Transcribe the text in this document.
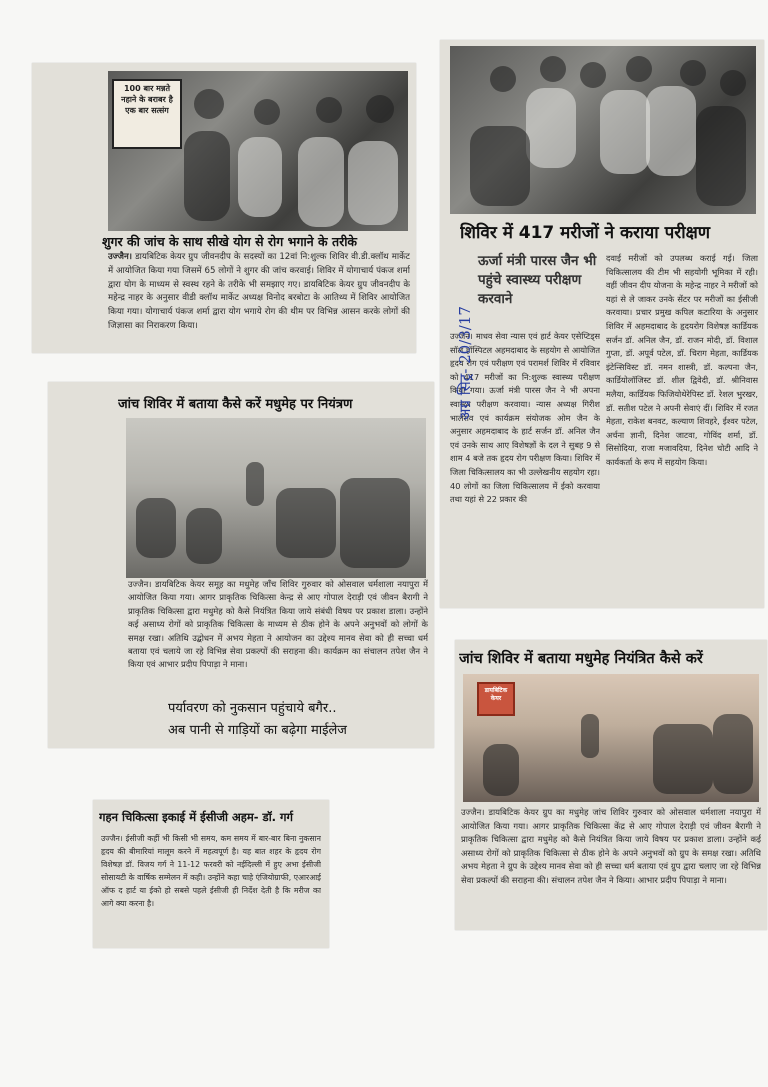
100 बार मन्नते नहाने के बराबर है एक बार सत्संग
शुगर की जांच के साथ सीखे योग से रोग भगाने के तरीके
उज्जैन। डायबिटिक केयर ग्रुप जीवनदीप के सदस्यों का 12वां नि:शुल्क शिविर वी.डी.क्लॉथ मार्केट में आयोजित किया गया जिसमें 65 लोगों ने शुगर की जांच करवाई। शिविर में योगाचार्य पंकज शर्मा द्वारा योग के माध्यम से स्वस्थ रहने के तरीके भी समझाए गए। डायबिटिक केयर ग्रुप जीवनदीप के महेन्द्र नाहर के अनुसार वीडी क्लॉथ मार्केट अध्यक्ष विनोद बरबोटा के आतिथ्य में शिविर आयोजित किया गया। योगाचार्य पंकज शर्मा द्वारा योग भगाये रोग की थीम पर विभिन्न आसन करके लोगों की जिज्ञासा का निराकरण किया।
शिविर में 417 मरीजों ने कराया परीक्षण
ऊर्जा मंत्री पारस जैन भी पहुंचे स्वास्थ्य परीक्षण करवाने
उज्जैन। माधव सेवा न्यास एवं हार्ट केयर एसेप्टिड्स सॉल हॉस्पिटल अहमदाबाद के सहयोग से आयोजित हृदय रोग एवं परीक्षण एवं परामर्श शिविर में रविवार को 417 मरीजों का नि:शुल्क स्वास्थ्य परीक्षण किया गया। ऊर्जा मंत्री पारस जैन ने भी अपना स्वास्थ्य परीक्षण करवाया। न्यास अध्यक्ष गिरीश भालेराव एवं कार्यक्रम संयोजक ओम जैन के अनुसार अहमदाबाद के हार्ट सर्जन डॉ. अनिल जैन एवं उनके साथ आए विशेषज्ञों के दल ने सुबह 9 से शाम 4 बजे तक हृदय रोग परीक्षण किया। शिविर में जिला चिकित्सालय का भी उल्लेखनीय सहयोग रहा। 40 लोगों का जिला चिकित्सालय में ईको करवाया तथा यहां से 22 प्रकार की
दवाई मरीजों को उपलब्ध कराई गई। जिला चिकित्सालय की टीम भी सहयोगी भूमिका में रही। वहीं जीवन दीप योजना के महेन्द्र नाहर ने मरीजों को यहां से ले जाकर उनके सेंटर पर मरीजों का ईसीजी करवाया। प्रचार प्रमुख कपिल कटारिया के अनुसार शिविर में अहमदाबाद के हृदयरोग विशेषज्ञ कार्डियक सर्जन डॉ. अनिल जैन, डॉ. राजन मोदी, डॉ. विशाल गुप्ता, डॉ. अपूर्व पटेल, डॉ. चिराग मेहता, कार्डियक इंटेन्सिविस्ट डॉ. नमन शास्त्री, डॉ. कल्पना जैन, कार्डियोलॉजिस्ट डॉ. शील द्विवेदी, डॉ. श्रीनिवास मलैया, कार्डियक फिजियोथेरेपिस्ट डॉ. रेशल भुरखर, डॉ. सतीश पटेल ने अपनी सेवाएं दीं। शिविर में रजत मेहता, राकेश बनवट, कल्याण शिवहरे, ईश्वर पटेल, अर्चना ज्ञानी, दिनेश जाटवा, गोविंद शर्मा, डॉ. सिसोदिया, राजा मजावदिया, दिनेश चोटी आदि ने कार्यकर्ता के रूप में सहयोग किया।
अग्र सिट्र- 20/3/17
जांच शिविर में बताया कैसे करें मधुमेह पर नियंत्रण
उज्जैन। डायबिटिक केयर समूह का मधुमेह जाँच शिविर गुरुवार को ओसवाल धर्मशाला नयापुरा में आयोजित किया गया। आगर प्राकृतिक चिकित्सा केन्द्र से आए गोपाल देराड़ी एवं जीवन बैरागी ने प्राकृतिक चिकित्सा द्वारा मधुमेह को कैसे नियंत्रित किया जाये संबंधी विषय पर प्रकाश डाला। उन्होंने कई असाध्य रोगों को प्राकृतिक चिकित्सा के माध्यम से ठीक होने के अपने अनुभवों को लोगों के समक्ष रखा। अतिथि उद्बोधन में अभय मेहता ने आयोजन का उद्देश्य मानव सेवा को ही सच्चा धर्म बताया एवं चलाये जा रहे विभिन्न सेवा प्रकल्पों की सराहना की। कार्यक्रम का संचालन तपेश जैन ने किया एवं आभार प्रदीप पिपाड़ा ने माना।
पर्यावरण को नुकसान पहुंचाये बगैर..
अब पानी से गाड़ियों का बढ़ेगा माईलेज
जांच शिविर में बताया मधुमेह नियंत्रित कैसे करें
डायबिटिक केयर
उज्जैन। डायबिटिक केयर ग्रुप का मधुमेह जांच शिविर गुरुवार को ओसवाल धर्मशाला नयापुरा में आयोजित किया गया। आगर प्राकृतिक चिकित्सा केंद्र से आए गोपाल देराड़ी एवं जीवन बैरागी ने प्राकृतिक चिकित्सा द्वारा मधुमेह को कैसे नियंत्रित किया जाये विषय पर प्रकाश डाला। उन्होंने कई असाध्य रोगों को प्राकृतिक चिकित्सा से ठीक होने के अपने अनुभवों को ग्रुप के समक्ष रखा। अतिथि अभय मेहता ने ग्रुप के उद्देश्य मानव सेवा को ही सच्चा धर्म बताया एवं ग्रुप द्वारा चलाए जा रहे विभिन्न सेवा प्रकल्पों की सराहना की। संचालन तपेश जैन ने किया। आभार प्रदीप पिपाड़ा ने माना।
गहन चिकित्सा इकाई में ईसीजी अहम- डॉ. गर्ग
उज्जैन। ईसीजी कहीं भी किसी भी समय, कम समय में बार-बार बिना नुकसान हृदय की बीमारियां मालूम करने में महत्वपूर्ण है। यह बात शहर के हृदय रोग विशेषज्ञ डॉ. विजय गर्ग ने 11-12 फरवरी को नईदिल्ली में हुए अभा ईसीजी सोसायटी के वार्षिक सम्मेलन में कही। उन्होंने कहा चाहे एंजियोग्राफी, एआरआई ऑफ द हार्ट या ईको हो सबसे पहले ईसीजी ही निर्देश देती है कि मरीज का आगे क्या करना है।
